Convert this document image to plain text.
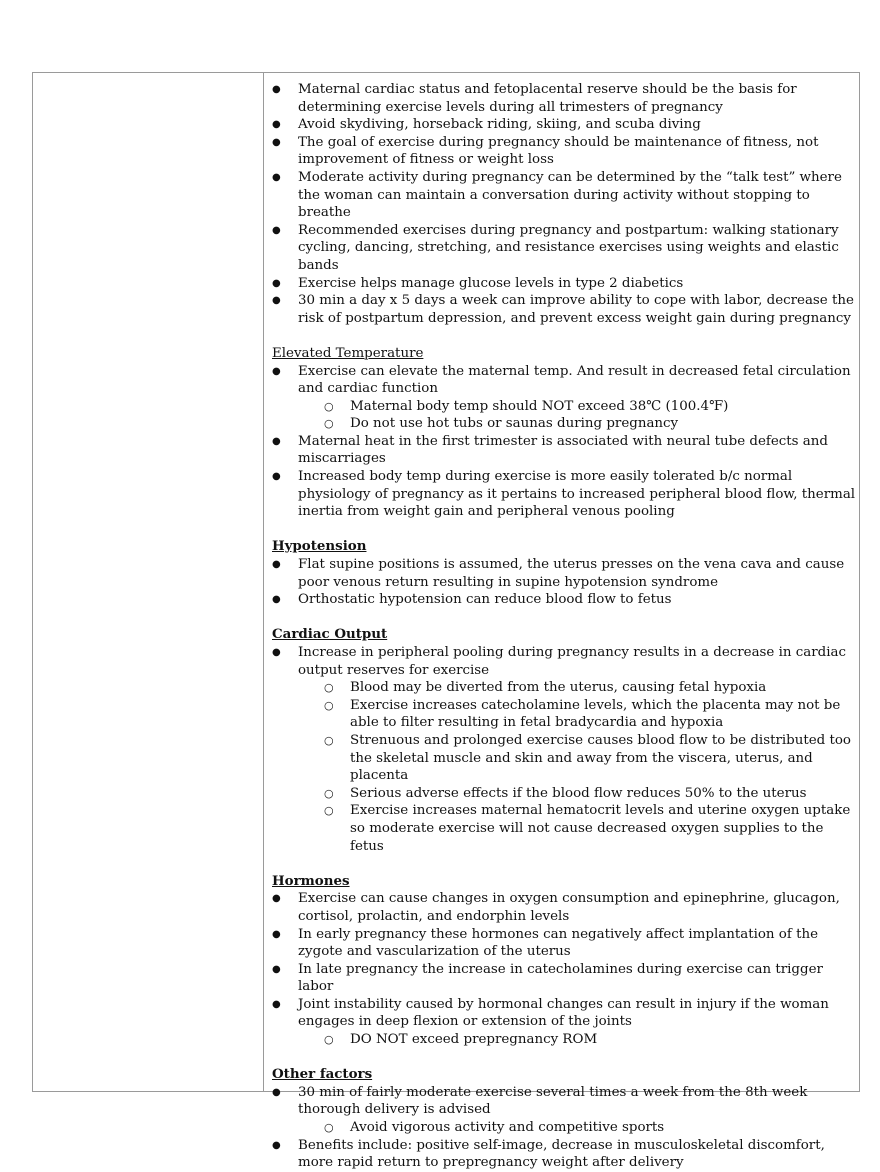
● Maternal cardiac status and fetoplacental reserve should be the basis for determining exercise levels during all trimesters of pregnancy
● Avoid skydiving, horseback riding, skiing, and scuba diving
● The goal of exercise during pregnancy should be maintenance of fitness, not improvement of fitness or weight loss
● Moderate activity during pregnancy can be determined by the “talk test” where the woman can maintain a conversation during activity without stopping to breathe
● Recommended exercises during pregnancy and postpartum: walking stationary cycling, dancing, stretching, and resistance exercises using weights and elastic bands
● Exercise helps manage glucose levels in type 2 diabetics
● 30 min a day x 5 days a week can improve ability to cope with labor, decrease the risk of postpartum depression, and prevent excess weight gain during pregnancy
Elevated Temperature
● Exercise can elevate the maternal temp. And result in decreased fetal circulation and cardiac function
○ Maternal body temp should NOT exceed 38℃ (100.4℉)
○ Do not use hot tubs or saunas during pregnancy
● Maternal heat in the first trimester is associated with neural tube defects and miscarriages
● Increased body temp during exercise is more easily tolerated b/c normal physiology of pregnancy as it pertains to increased peripheral blood flow, thermal inertia from weight gain and peripheral venous pooling
Hypotension
● Flat supine positions is assumed, the uterus presses on the vena cava and cause poor venous return resulting in supine hypotension syndrome
● Orthostatic hypotension can reduce blood flow to fetus
Cardiac Output
● Increase in peripheral pooling during pregnancy results in a decrease in cardiac output reserves for exercise
○ Blood may be diverted from the uterus, causing fetal hypoxia
○ Exercise increases catecholamine levels, which the placenta may not be able to filter resulting in fetal bradycardia and hypoxia
○ Strenuous and prolonged exercise causes blood flow to be distributed too the skeletal muscle and skin and away from the viscera, uterus, and placenta
○ Serious adverse effects if the blood flow reduces 50% to the uterus
○ Exercise increases maternal hematocrit levels and uterine oxygen uptake so moderate exercise will not cause decreased oxygen supplies to the fetus
Hormones
● Exercise can cause changes in oxygen consumption and epinephrine, glucagon, cortisol, prolactin, and endorphin levels
● In early pregnancy these hormones can negatively affect implantation of the zygote and vascularization of the uterus
● In late pregnancy the increase in catecholamines during exercise can trigger labor
● Joint instability caused by hormonal changes can result in injury if the woman engages in deep flexion or extension of the joints
○ DO NOT exceed prepregnancy ROM
Other factors
● 30 min of fairly moderate exercise several times a week from the 8th week thorough delivery is advised
○ Avoid vigorous activity and competitive sports
● Benefits include: positive self-image, decrease in musculoskeletal discomfort, more rapid return to prepregnancy weight after delivery
